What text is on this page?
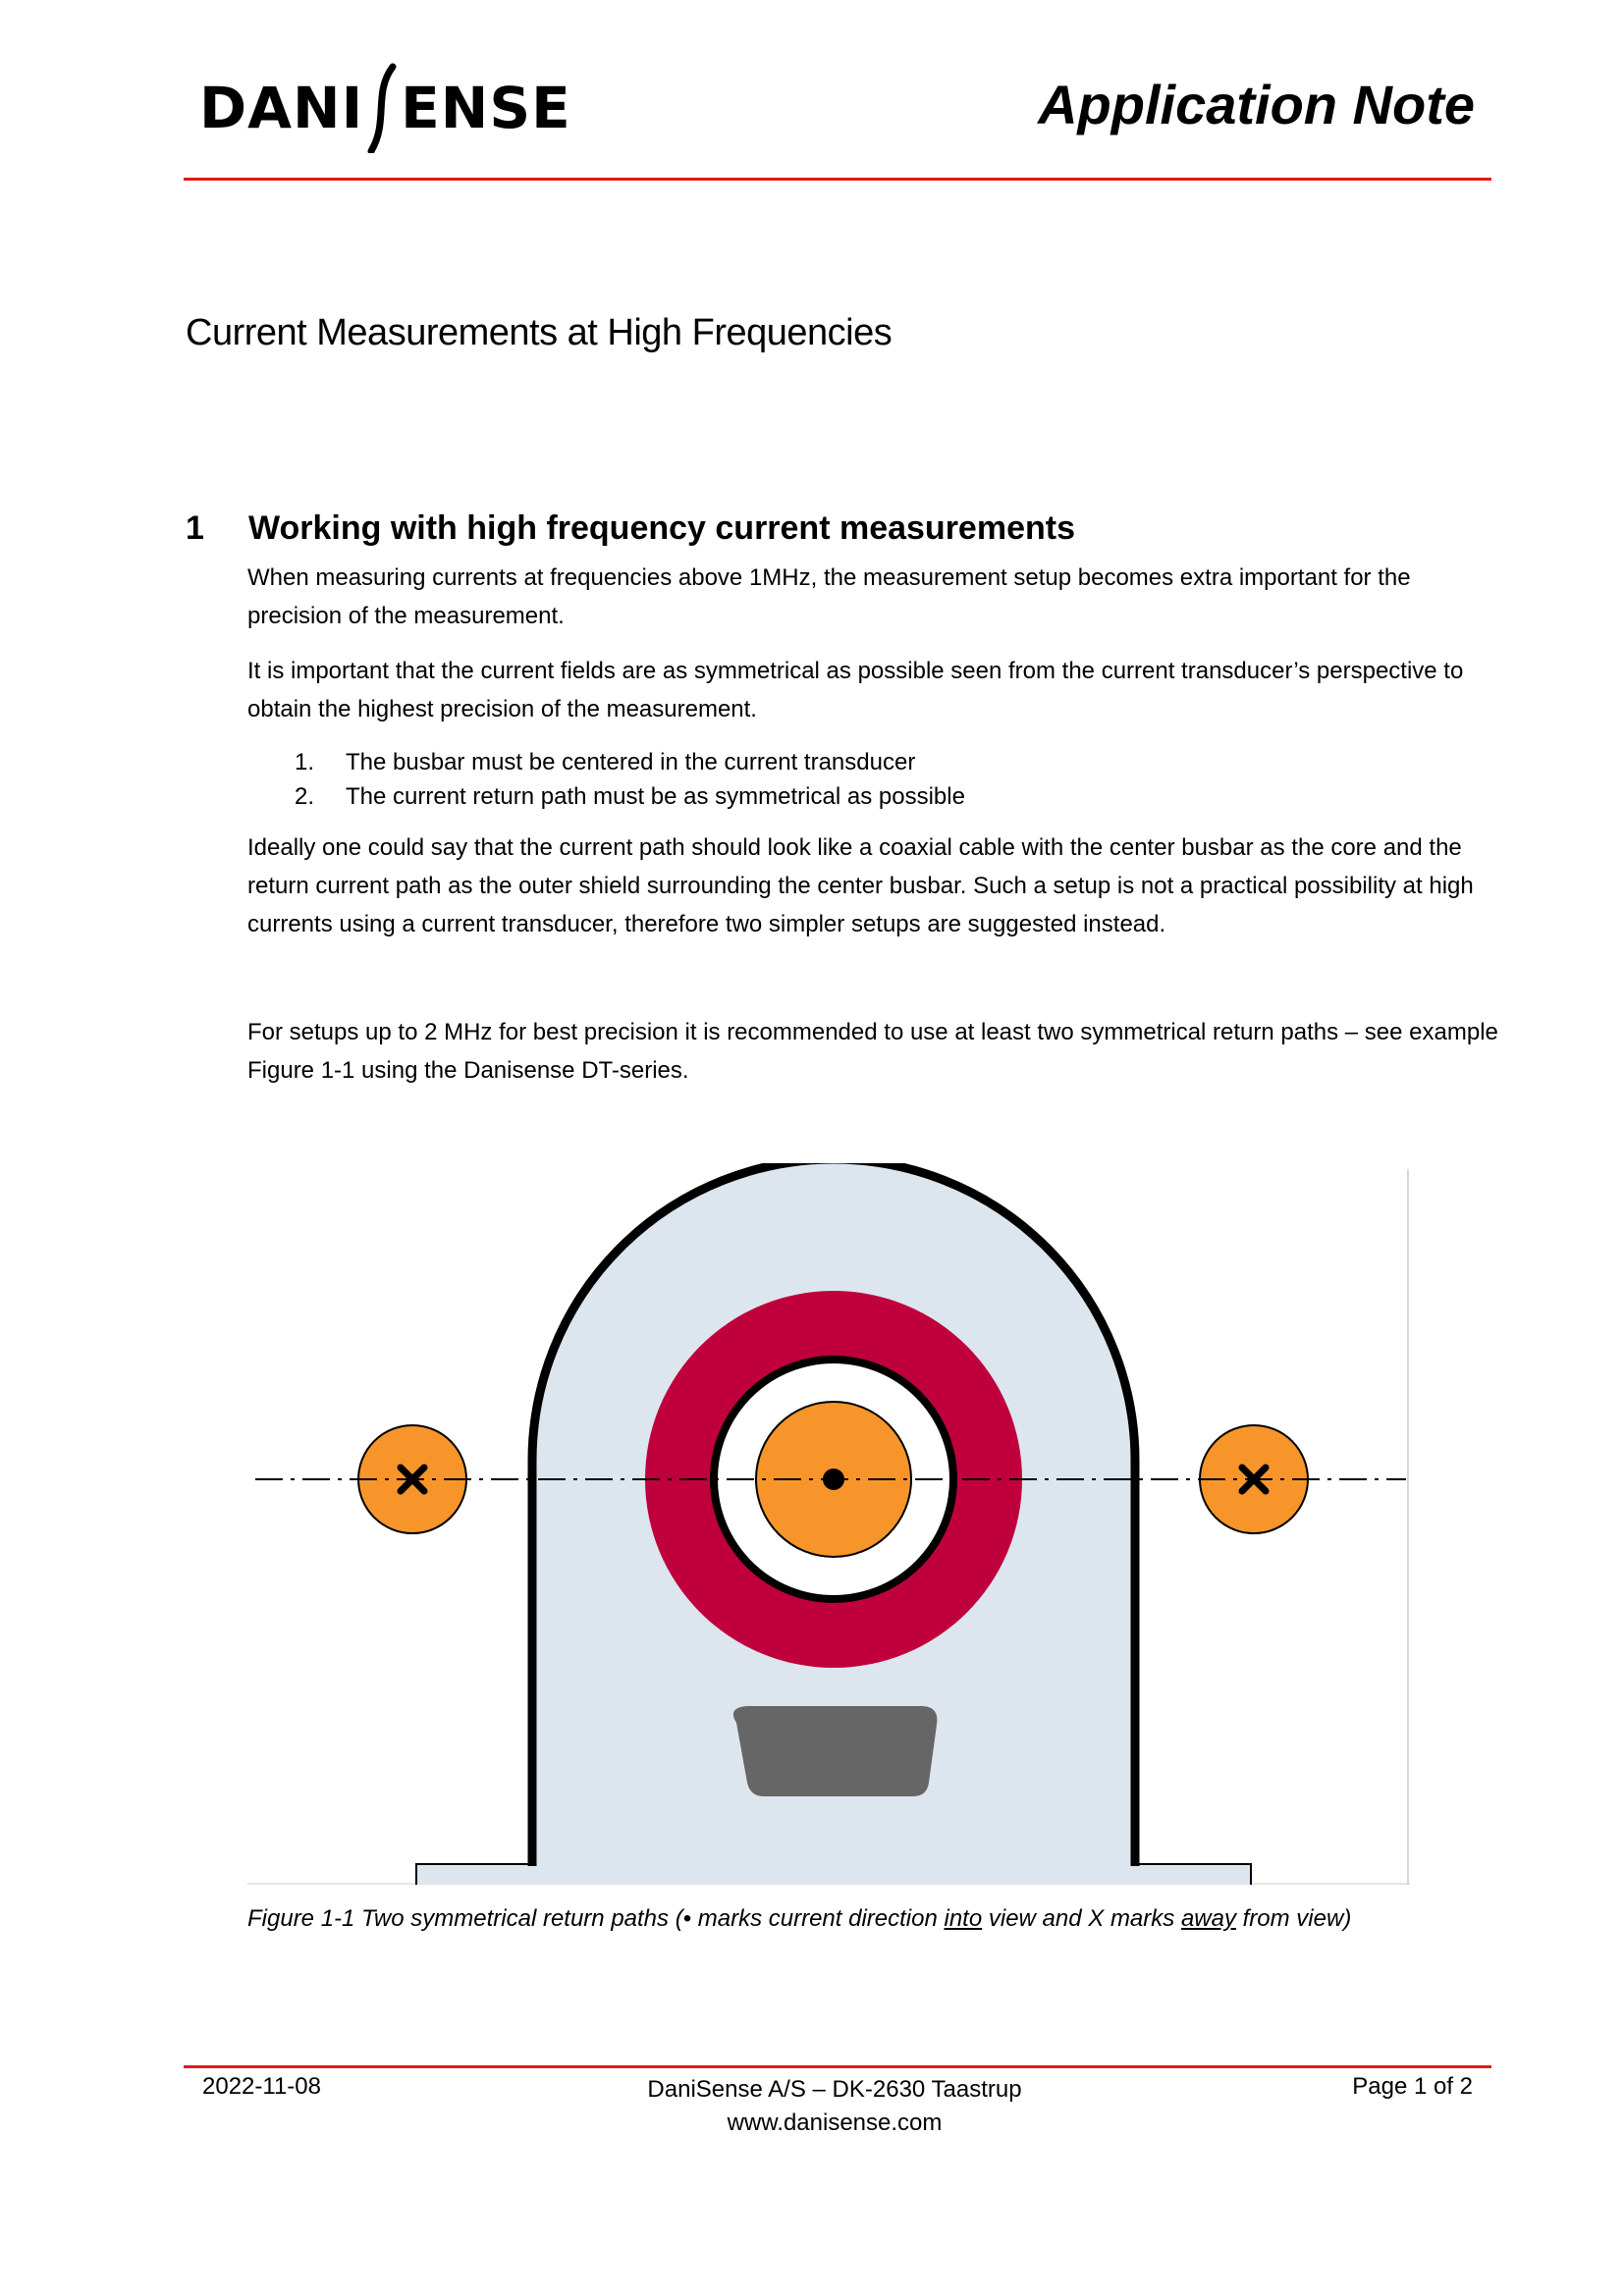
DANI ENSE	Application Note
Current Measurements at High Frequencies
1	Working with high frequency current measurements

When measuring currents at frequencies above 1MHz, the measurement setup becomes extra important for the precision of the measurement.

It is important that the current fields are as symmetrical as possible seen from the current transducer’s perspective to obtain the highest precision of the measurement.

1.	The busbar must be centered in the current transducer
2.	The current return path must be as symmetrical as possible

Ideally one could say that the current path should look like a coaxial cable with the center busbar as the core and the return current path as the outer shield surrounding the center busbar. Such a setup is not a practical possibility at high currents using a current transducer, therefore two simpler setups are suggested instead.

For setups up to 2 MHz for best precision it is recommended to use at least two symmetrical return paths – see example Figure 1-1 using the Danisense DT-series.

Figure 1-1 Two symmetrical return paths (• marks current direction into view and X marks away from view)

2022-11-08	DaniSense A/S – DK-2630 Taastrup
www.danisense.com

Page 1 of 2
